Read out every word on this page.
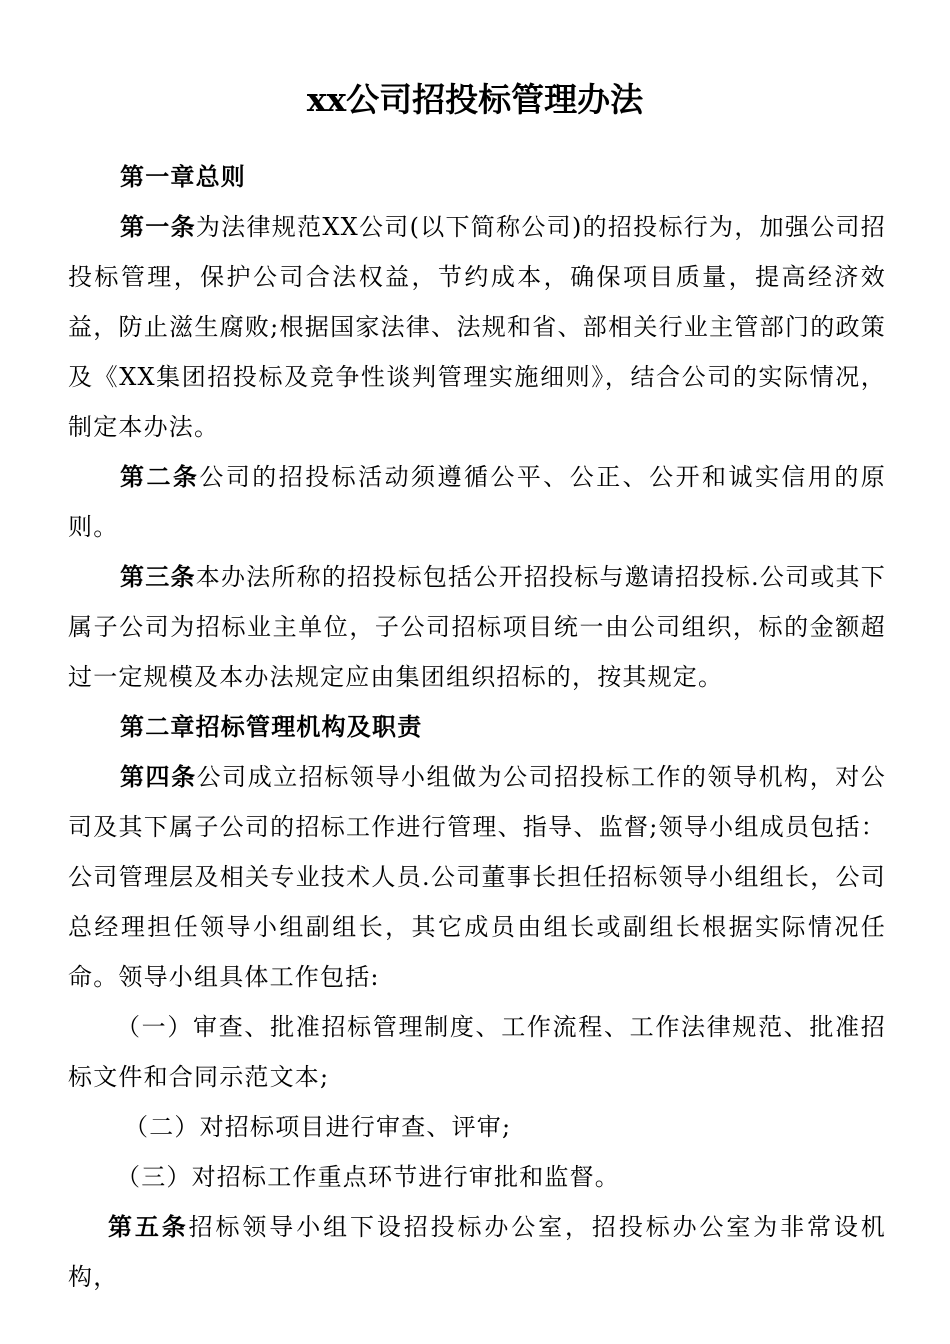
xx公司招投标管理办法

第一章总则

第一条为法律规范XX公司(以下简称公司)的招投标行为，加强公司招投标管理，保护公司合法权益，节约成本，确保项目质量，提高经济效益，防止滋生腐败;根据国家法律、法规和省、部相关行业主管部门的政策及《XX集团招投标及竞争性谈判管理实施细则》，结合公司的实际情况，制定本办法。

第二条公司的招投标活动须遵循公平、公正、公开和诚实信用的原则。

第三条本办法所称的招投标包括公开招投标与邀请招投标.公司或其下属子公司为招标业主单位，子公司招标项目统一由公司组织，标的金额超过一定规模及本办法规定应由集团组织招标的，按其规定。

第二章招标管理机构及职责

第四条公司成立招标领导小组做为公司招投标工作的领导机构，对公司及其下属子公司的招标工作进行管理、指导、监督;领导小组成员包括：公司管理层及相关专业技术人员.公司董事长担任招标领导小组组长，公司总经理担任领导小组副组长，其它成员由组长或副组长根据实际情况任命。领导小组具体工作包括:

（一）审查、批准招标管理制度、工作流程、工作法律规范、批准招标文件和合同示范文本;

（二）对招标项目进行审查、评审;

（三）对招标工作重点环节进行审批和监督。

第五条招标领导小组下设招投标办公室，招投标办公室为非常设机构，
